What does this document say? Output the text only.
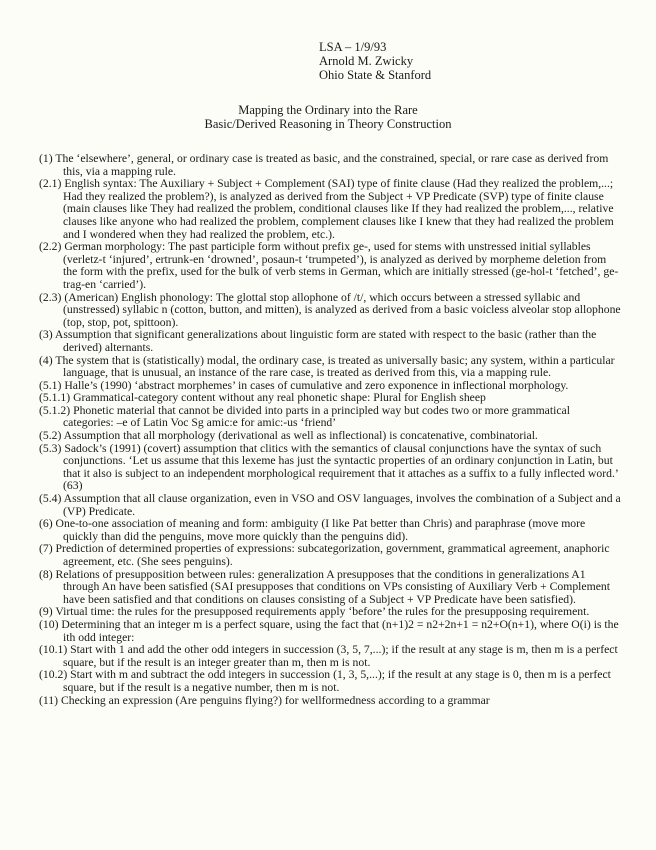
LSA – 1/9/93
Arnold M. Zwicky
Ohio State & Stanford
Mapping the Ordinary into the Rare
Basic/Derived Reasoning in Theory Construction

(1) The ‘elsewhere’, general, or ordinary case is treated as basic, and the constrained, special, or rare case as derived from this, via a mapping rule.

(2.1) English syntax: The Auxiliary + Subject + Complement (SAI) type of finite clause (Had they realized the problem,...; Had they realized the problem?), is analyzed as derived from the Subject + VP Predicate (SVP) type of finite clause (main clauses like They had realized the problem, conditional clauses like If they had realized the problem,..., relative clauses like anyone who had realized the problem, complement clauses like I knew that they had realized the problem and I wondered when they had realized the problem, etc.).

(2.2) German morphology: The past participle form without prefix ge-, used for stems with unstressed initial syllables (verletz-t ‘injured’, ertrunk-en ‘drowned’, posaun-t ‘trumpeted’), is analyzed as derived by morpheme deletion from the form with the prefix, used for the bulk of verb stems in German, which are initially stressed (ge-hol-t ‘fetched’, ge-trag-en ‘carried’).

(2.3) (American) English phonology: The glottal stop allophone of /t/, which occurs between a stressed syllabic and (unstressed) syllabic n (cotton, button, and mitten), is analyzed as derived from a basic voicless alveolar stop allophone (top, stop, pot, spittoon).

(3) Assumption that significant generalizations about linguistic form are stated with respect to the basic (rather than the derived) alternants.

(4) The system that is (statistically) modal, the ordinary case, is treated as universally basic; any system, within a particular language, that is unusual, an instance of the rare case, is treated as derived from this, via a mapping rule.

(5.1) Halle’s (1990) ‘abstract morphemes’ in cases of cumulative and zero exponence in inflectional morphology.

(5.1.1) Grammatical-category content without any real phonetic shape: Plural for English sheep

(5.1.2) Phonetic material that cannot be divided into parts in a principled way but codes two or more grammatical categories: –e of Latin Voc Sg amic:e for amic:-us ‘friend’

(5.2) Assumption that all morphology (derivational as well as inflectional) is concatenative, combinatorial.

(5.3) Sadock’s (1991) (covert) assumption that clitics with the semantics of clausal conjunctions have the syntax of such conjunctions. ‘Let us assume that this lexeme has just the syntactic properties of an ordinary conjunction in Latin, but that it also is subject to an independent morphological requirement that it attaches as a suffix to a fully inflected word.’ (63)

(5.4) Assumption that all clause organization, even in VSO and OSV languages, involves the combination of a Subject and a (VP) Predicate.

(6) One-to-one association of meaning and form: ambiguity (I like Pat better than Chris) and paraphrase (move more quickly than did the penguins, move more quickly than the penguins did).

(7) Prediction of determined properties of expressions: subcategorization, government, grammatical agreement, anaphoric agreement, etc. (She sees penguins).

(8) Relations of presupposition between rules: generalization A presupposes that the conditions in generalizations A1 through An have been satisfied (SAI presupposes that conditions on VPs consisting of Auxiliary Verb + Complement have been satisfied and that conditions on clauses consisting of a Subject + VP Predicate have been satisfied).

(9) Virtual time: the rules for the presupposed requirements apply ‘before’ the rules for the presupposing requirement.

(10) Determining that an integer m is a perfect square, using the fact that (n+1)2 = n2+2n+1 = n2+O(n+1), where O(i) is the ith odd integer:

(10.1) Start with 1 and add the other odd integers in succession (3, 5, 7,...); if the result at any stage is m, then m is a perfect square, but if the result is an integer greater than m, then m is not.

(10.2) Start with m and subtract the odd integers in succession (1, 3, 5,...); if the result at any stage is 0, then m is a perfect square, but if the result is a negative number, then m is not.

(11) Checking an expression (Are penguins flying?) for wellformedness according to a grammar
